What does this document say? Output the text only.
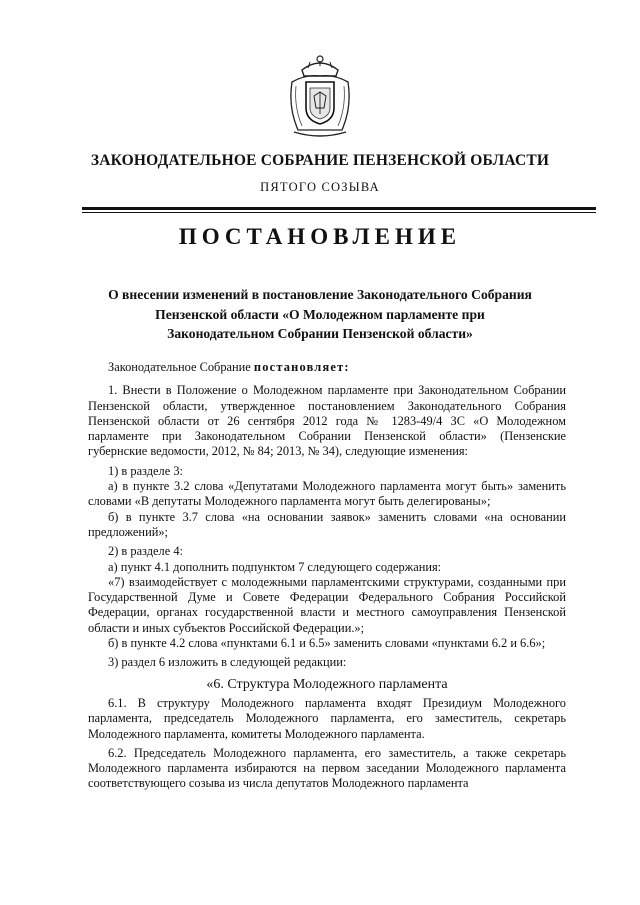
ЗАКОНОДАТЕЛЬНОЕ СОБРАНИЕ ПЕНЗЕНСКОЙ ОБЛАСТИ
ПЯТОГО СОЗЫВА
ПОСТАНОВЛЕНИЕ
О внесении изменений в постановление Законодательного Собрания
Пензенской области «О Молодежном парламенте при
Законодательном Собрании Пензенской области»

Законодательное Собрание постановляет:

1. Внести в Положение о Молодежном парламенте при Законодательном Собрании Пензенской области, утвержденное постановлением Законодательного Собрания Пензенской области от 26 сентября 2012 года № 1283-49/4 ЗС «О Молодежном парламенте при Законодательном Собрании Пензенской области» (Пензенские губернские ведомости, 2012, № 84; 2013, № 34), следующие изменения:

1) в разделе 3:

а) в пункте 3.2 слова «Депутатами Молодежного парламента могут быть» заменить словами «В депутаты Молодежного парламента могут быть делегированы»;

б) в пункте 3.7 слова «на основании заявок» заменить словами «на основании предложений»;

2) в разделе 4:

а) пункт 4.1 дополнить подпунктом 7 следующего содержания:

«7) взаимодействует с молодежными парламентскими структурами, созданными при Государственной Думе и Совете Федерации Федерального Собрания Российской Федерации, органах государственной власти и местного самоуправления Пензенской области и иных субъектов Российской Федерации.»;

б) в пункте 4.2 слова «пунктами 6.1 и 6.5» заменить словами «пунктами 6.2 и 6.6»;

3) раздел 6 изложить в следующей редакции:

«6. Структура Молодежного парламента

6.1. В структуру Молодежного парламента входят Президиум Молодежного парламента, председатель Молодежного парламента, его заместитель, секретарь Молодежного парламента, комитеты Молодежного парламента.

6.2. Председатель Молодежного парламента, его заместитель, а также секретарь Молодежного парламента избираются на первом заседании Молодежного парламента соответствующего созыва из числа депутатов Молодежного парламента
